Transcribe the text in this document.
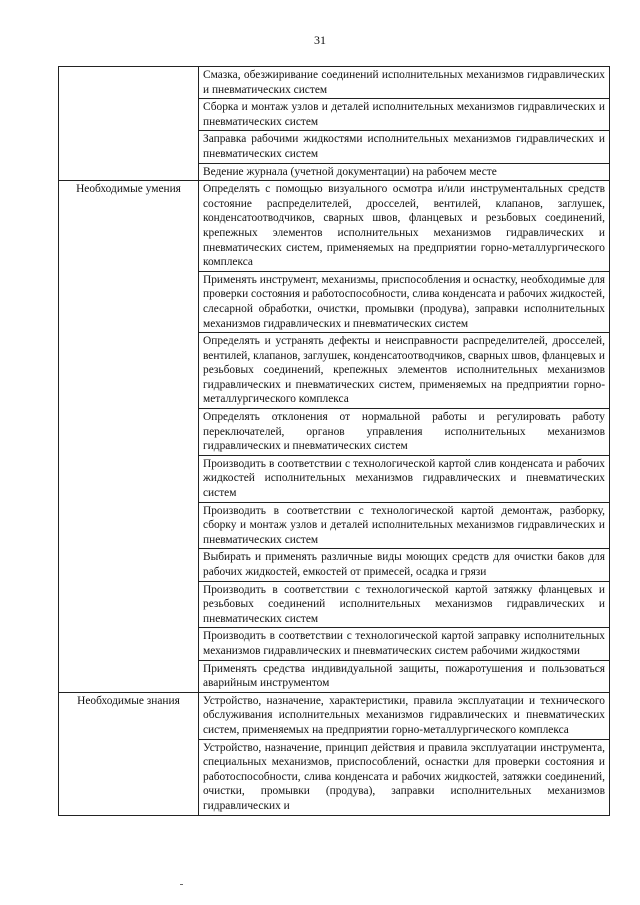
31
	Смазка, обезжиривание соединений исполнительных механизмов гидравлических и пневматических систем
	Сборка и монтаж узлов и деталей исполнительных механизмов гидравлических и пневматических систем
	Заправка рабочими жидкостями исполнительных механизмов гидравлических и пневматических систем
	Ведение журнала (учетной документации) на рабочем месте
Необходимые умения	Определять с помощью визуального осмотра и/или инструментальных средств состояние распределителей, дросселей, вентилей, клапанов, заглушек, конденсатоотводчиков, сварных швов, фланцевых и резьбовых соединений, крепежных элементов исполнительных механизмов гидравлических и пневматических систем, применяемых на предприятии горно-металлургического комплекса
	Применять инструмент, механизмы, приспособления и оснастку, необходимые для проверки состояния и работоспособности, слива конденсата и рабочих жидкостей, слесарной обработки, очистки, промывки (продува), заправки исполнительных механизмов гидравлических и пневматических систем
	Определять и устранять дефекты и неисправности распределителей, дросселей, вентилей, клапанов, заглушек, конденсатоотводчиков, сварных швов, фланцевых и резьбовых соединений, крепежных элементов исполнительных механизмов гидравлических и пневматических систем, применяемых на предприятии горно-металлургического комплекса
	Определять отклонения от нормальной работы и регулировать работу переключателей, органов управления исполнительных механизмов гидравлических и пневматических систем
	Производить в соответствии с технологической картой слив конденсата и рабочих жидкостей исполнительных механизмов гидравлических и пневматических систем
	Производить в соответствии с технологической картой демонтаж, разборку, сборку и монтаж узлов и деталей исполнительных механизмов гидравлических и пневматических систем
	Выбирать и применять различные виды моющих средств для очистки баков для рабочих жидкостей, емкостей от примесей, осадка и грязи
	Производить в соответствии с технологической картой затяжку фланцевых и резьбовых соединений исполнительных механизмов гидравлических и пневматических систем
	Производить в соответствии с технологической картой заправку исполнительных механизмов гидравлических и пневматических систем рабочими жидкостями
	Применять средства индивидуальной защиты, пожаротушения и пользоваться аварийным инструментом
Необходимые знания	Устройство, назначение, характеристики, правила эксплуатации и технического обслуживания исполнительных механизмов гидравлических и пневматических систем, применяемых на предприятии горно-металлургического комплекса
	Устройство, назначение, принцип действия и правила эксплуатации инструмента, специальных механизмов, приспособлений, оснастки для проверки состояния и работоспособности, слива конденсата и рабочих жидкостей, затяжки соединений, очистки, промывки (продува), заправки исполнительных механизмов гидравлических и
